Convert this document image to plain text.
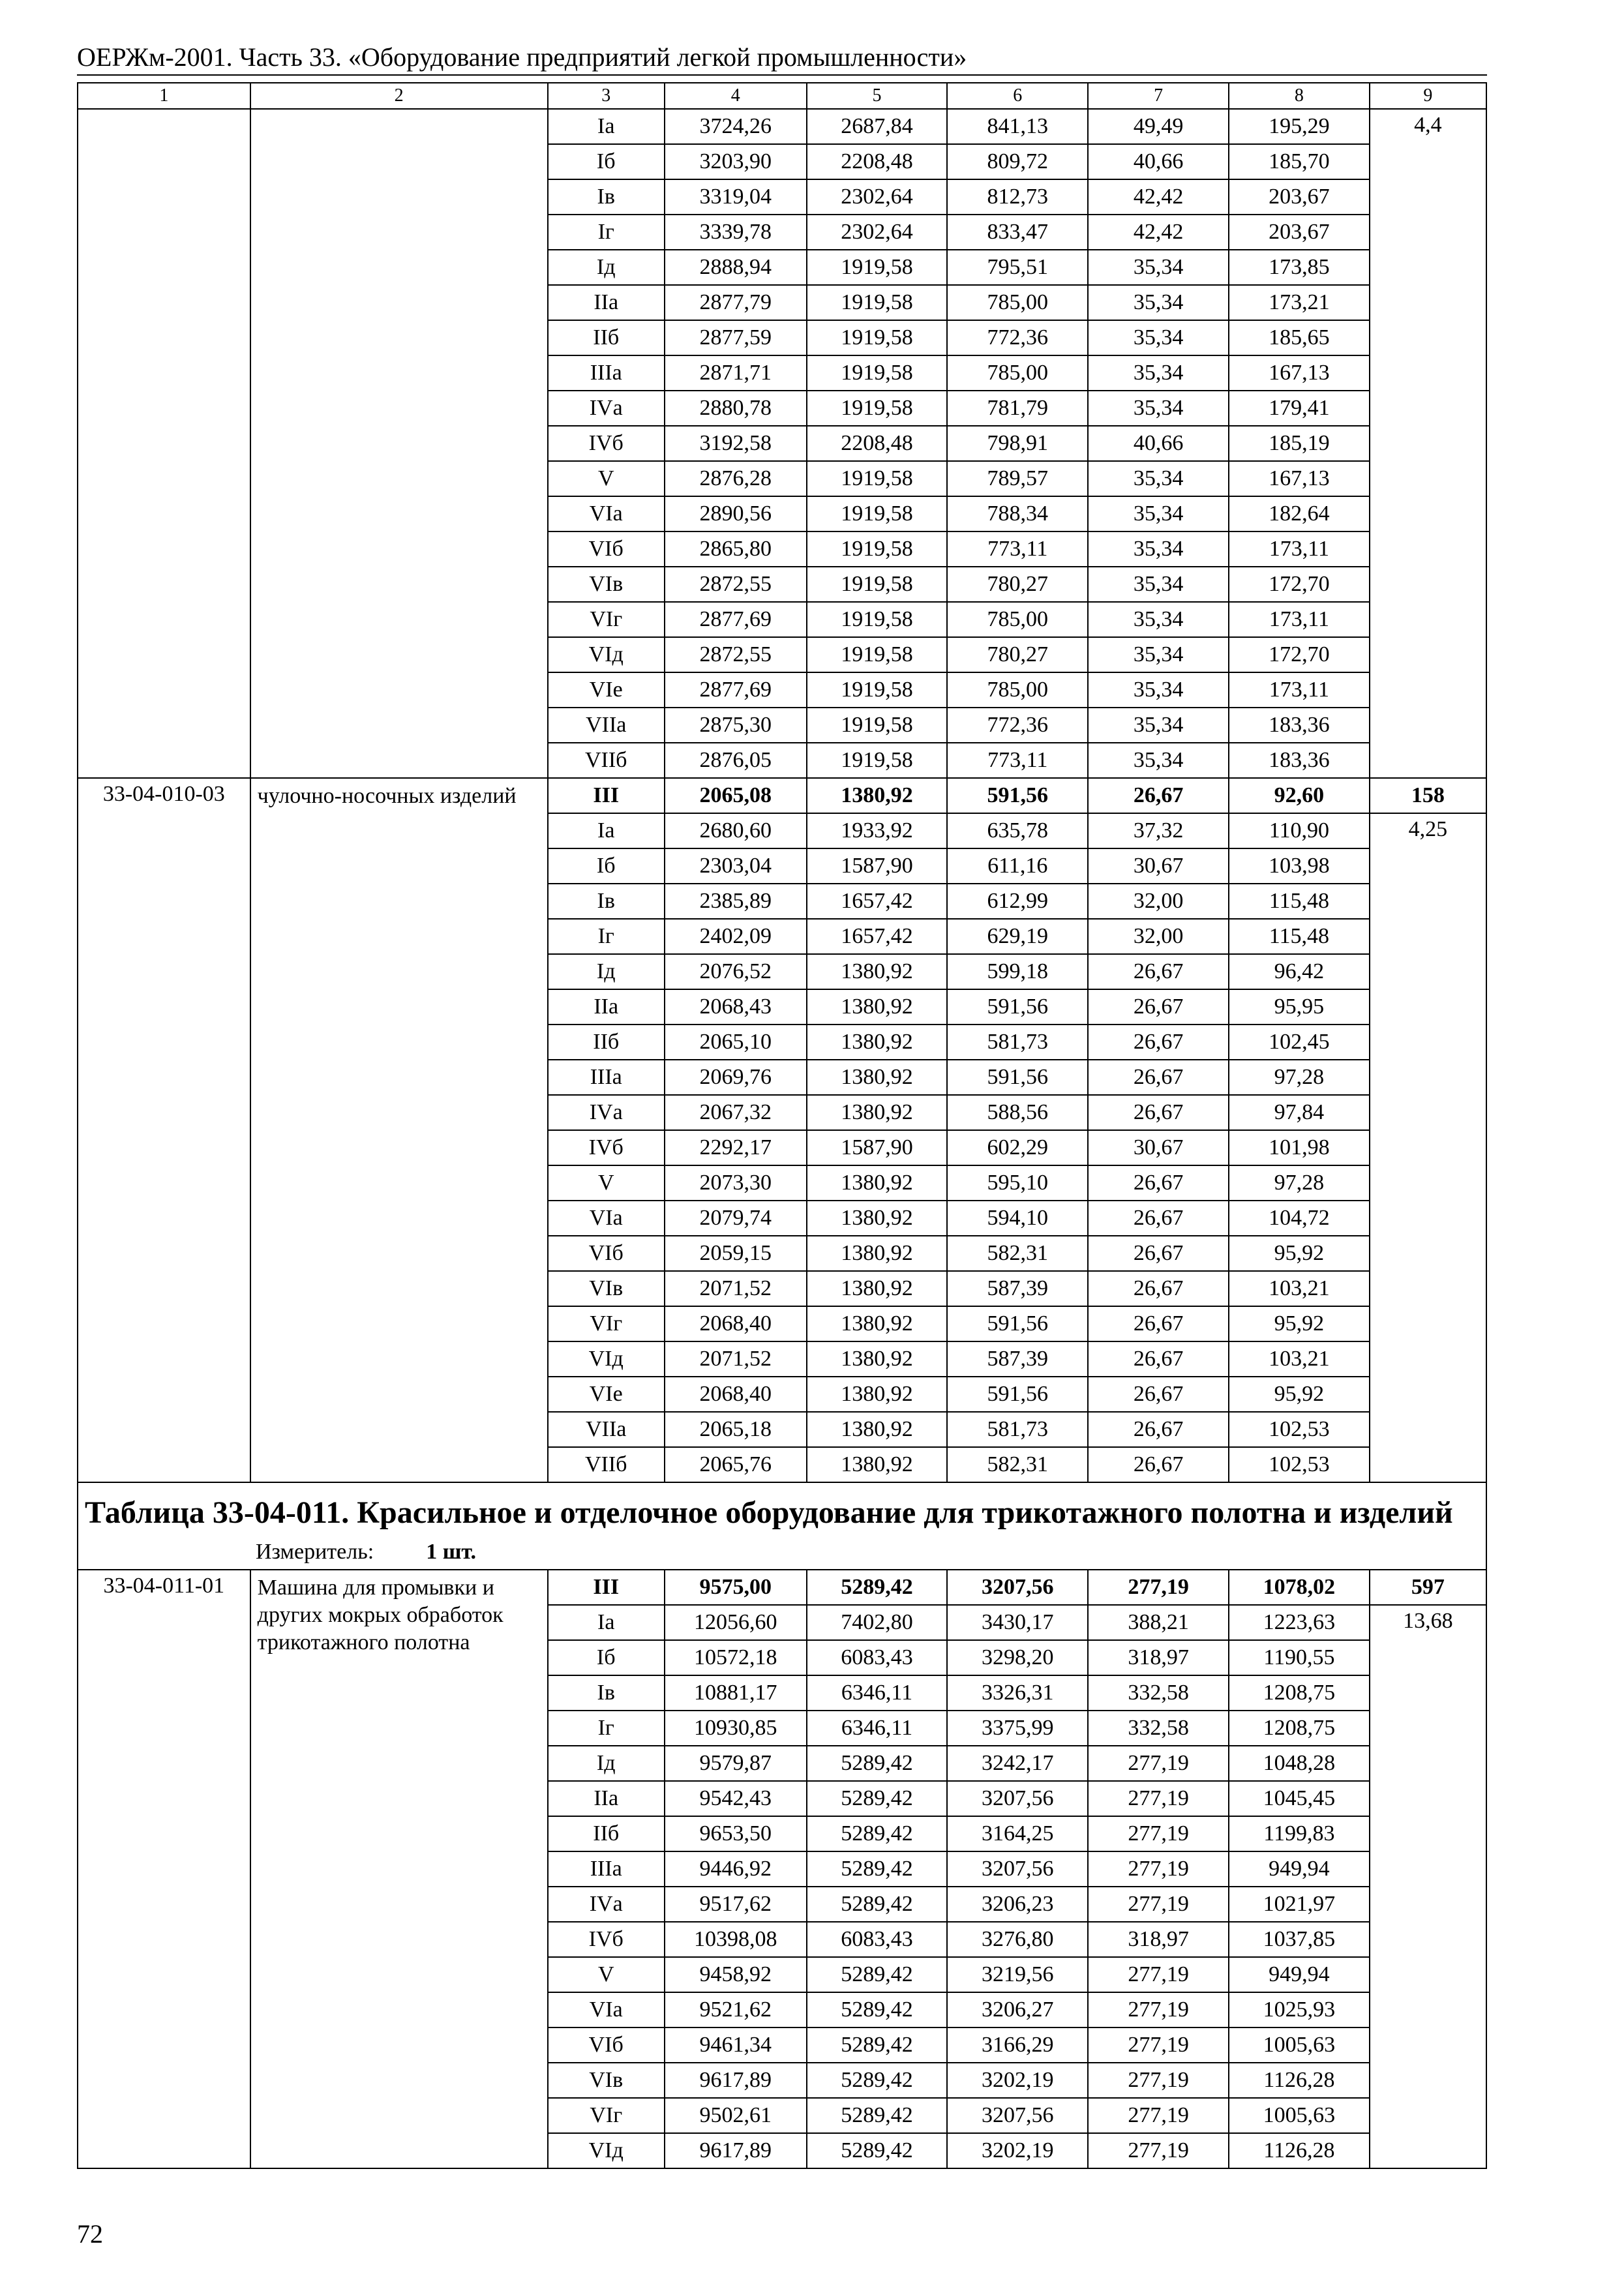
ОЕРЖм-2001. Часть 33. «Оборудование предприятий легкой промышленности»
1	2	3	4	5	6	7	8	9
		Iа	3724,26	2687,84	841,13	49,49	195,29	4,4
		Iб	3203,90	2208,48	809,72	40,66	185,70	
		Iв	3319,04	2302,64	812,73	42,42	203,67	
		Iг	3339,78	2302,64	833,47	42,42	203,67	
		Iд	2888,94	1919,58	795,51	35,34	173,85	
		IIа	2877,79	1919,58	785,00	35,34	173,21	
		IIб	2877,59	1919,58	772,36	35,34	185,65	
		IIIа	2871,71	1919,58	785,00	35,34	167,13	
		IVа	2880,78	1919,58	781,79	35,34	179,41	
		IVб	3192,58	2208,48	798,91	40,66	185,19	
		V	2876,28	1919,58	789,57	35,34	167,13	
		VIа	2890,56	1919,58	788,34	35,34	182,64	
		VIб	2865,80	1919,58	773,11	35,34	173,11	
		VIв	2872,55	1919,58	780,27	35,34	172,70	
		VIг	2877,69	1919,58	785,00	35,34	173,11	
		VIд	2872,55	1919,58	780,27	35,34	172,70	
		VIе	2877,69	1919,58	785,00	35,34	173,11	
		VIIа	2875,30	1919,58	772,36	35,34	183,36	
		VIIб	2876,05	1919,58	773,11	35,34	183,36	
33-04-010-03	чулочно-носочных изделий	III	2065,08	1380,92	591,56	26,67	92,60	158
		Iа	2680,60	1933,92	635,78	37,32	110,90	4,25
		Iб	2303,04	1587,90	611,16	30,67	103,98	
		Iв	2385,89	1657,42	612,99	32,00	115,48	
		Iг	2402,09	1657,42	629,19	32,00	115,48	
		Iд	2076,52	1380,92	599,18	26,67	96,42	
		IIа	2068,43	1380,92	591,56	26,67	95,95	
		IIб	2065,10	1380,92	581,73	26,67	102,45	
		IIIа	2069,76	1380,92	591,56	26,67	97,28	
		IVа	2067,32	1380,92	588,56	26,67	97,84	
		IVб	2292,17	1587,90	602,29	30,67	101,98	
		V	2073,30	1380,92	595,10	26,67	97,28	
		VIа	2079,74	1380,92	594,10	26,67	104,72	
		VIб	2059,15	1380,92	582,31	26,67	95,92	
		VIв	2071,52	1380,92	587,39	26,67	103,21	
		VIг	2068,40	1380,92	591,56	26,67	95,92	
		VIд	2071,52	1380,92	587,39	26,67	103,21	
		VIе	2068,40	1380,92	591,56	26,67	95,92	
		VIIа	2065,18	1380,92	581,73	26,67	102,53	
		VIIб	2065,76	1380,92	582,31	26,67	102,53	

Таблица 33-04-011. Красильное и отделочное оборудование для трикотажного полотна и изделий
Измеритель: 1 шт.								

33-04-011-01	Машина для промывки и других мокрых обработок трикотажного полотна	III	9575,00	5289,42	3207,56	277,19	1078,02	597
		Iа	12056,60	7402,80	3430,17	388,21	1223,63	13,68
		Iб	10572,18	6083,43	3298,20	318,97	1190,55	
		Iв	10881,17	6346,11	3326,31	332,58	1208,75	
		Iг	10930,85	6346,11	3375,99	332,58	1208,75	
		Iд	9579,87	5289,42	3242,17	277,19	1048,28	
		IIа	9542,43	5289,42	3207,56	277,19	1045,45	
		IIб	9653,50	5289,42	3164,25	277,19	1199,83	
		IIIа	9446,92	5289,42	3207,56	277,19	949,94	
		IVа	9517,62	5289,42	3206,23	277,19	1021,97	
		IVб	10398,08	6083,43	3276,80	318,97	1037,85	
		V	9458,92	5289,42	3219,56	277,19	949,94	
		VIа	9521,62	5289,42	3206,27	277,19	1025,93	
		VIб	9461,34	5289,42	3166,29	277,19	1005,63	
		VIв	9617,89	5289,42	3202,19	277,19	1126,28	
		VIг	9502,61	5289,42	3207,56	277,19	1005,63	
		VIд	9617,89	5289,42	3202,19	277,19	1126,28	
72
